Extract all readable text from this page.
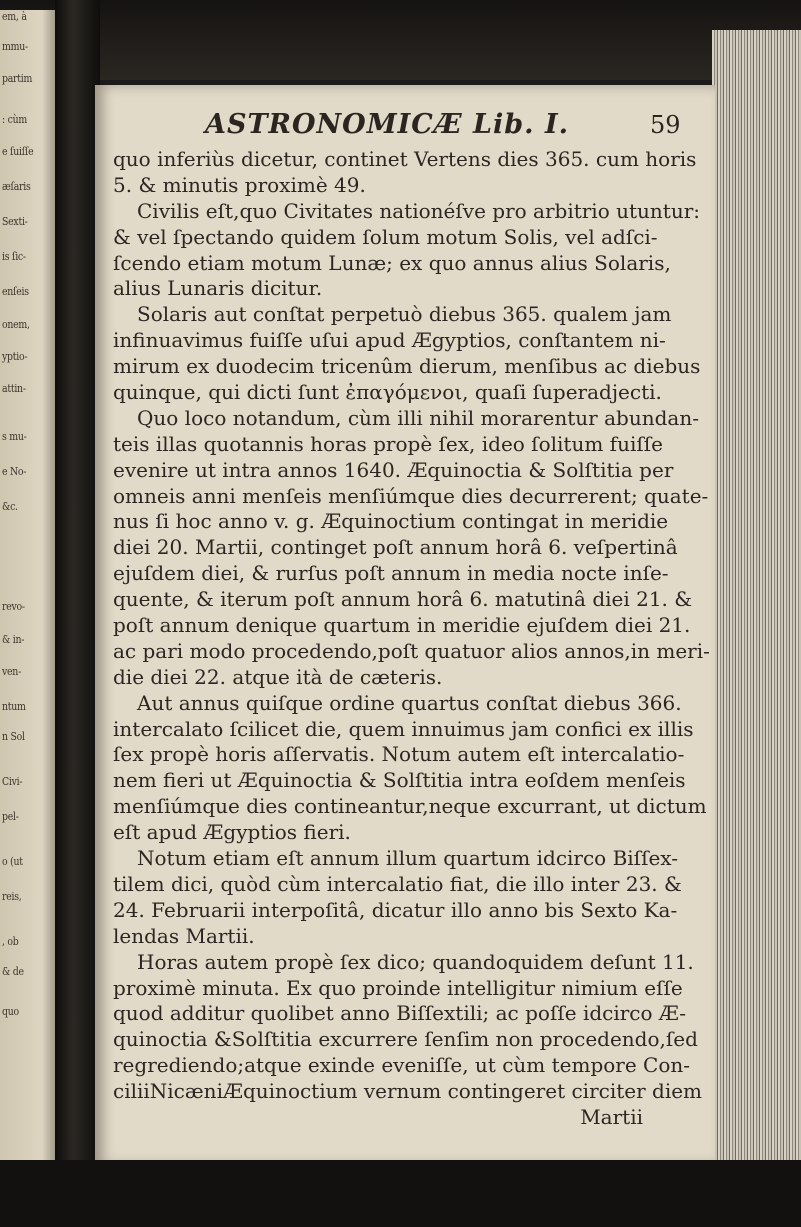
em, à
mmu-
partim
: cùm
e ſuiſſe
æſaris
Sexti-
is ſic-
enſeis
onem,
yptio-
attin-
s mu-
e No-
&c.
revo-
& in-
ven-
ntum
n Sol
Civi-
pel-
o (ut
reis,
, ob
& de
quo
ASTRONOMICÆ Lib. I.	59
quo inferiùs dicetur, continet Vertens dies 365. cum horis
5. & minutis proximè 49.
Civilis eſt,quo Civitates nationéſve pro arbitrio utuntur:
& vel ſpectando quidem ſolum motum Solis, vel adſci-
ſcendo etiam motum Lunæ; ex quo annus alius Solaris,
alius Lunaris dicitur.
Solaris aut conſtat perpetuò diebus 365. qualem jam
infinuavimus fuiſſe uſui apud Ægyptios, conſtantem ni-
mirum ex duodecim tricenûm dierum, menſibus ac diebus
quinque, qui dicti ſunt ἐπαγόμενοι, quaſi ſuperadjecti.
Quo loco notandum, cùm illi nihil morarentur abundan-
teis illas quotannis horas propè ſex, ideo ſolitum fuiſſe
evenire ut intra annos 1640. Æquinoctia & Solſtitia per
omneis anni menſeis menſiúmque dies decurrerent; quate-
nus ſi hoc anno v. g. Æquinoctium contingat in meridie
diei 20. Martii, continget poſt annum horâ 6. veſpertinâ
ejuſdem diei, & rurſus poſt annum in media nocte inſe-
quente, & iterum poſt annum horâ 6. matutinâ diei 21. &
poſt annum denique quartum in meridie ejuſdem diei 21.
ac pari modo procedendo,poſt quatuor alios annos,in meri-
die diei 22. atque ità de cæteris.
Aut annus quiſque ordine quartus conſtat diebus 366.
intercalato ſcilicet die, quem innuimus jam confici ex illis
ſex propè horis aſſervatis. Notum autem eſt intercalatio-
nem fieri ut Æquinoctia & Solſtitia intra eoſdem menſeis
menſiúmque dies contineantur,neque excurrant, ut dictum
eſt apud Ægyptios fieri.
Notum etiam eſt annum illum quartum idcirco Biſſex-
tilem dici, quòd cùm intercalatio fiat, die illo inter 23. &
24. Februarii interpoſitâ, dicatur illo anno bis Sexto Ka-
lendas Martii.
Horas autem propè ſex dico; quandoquidem deſunt 11.
proximè minuta. Ex quo proinde intelligitur nimium eſſe
quod additur quolibet anno Biſſextili; ac poſſe idcirco Æ-
quinoctia &Solſtitia excurrere ſenſim non procedendo,ſed
regrediendo;atque exinde eveniſſe, ut cùm tempore Con-
ciliiNicæniÆquinoctium vernum contingeret circiter diem
Martii
